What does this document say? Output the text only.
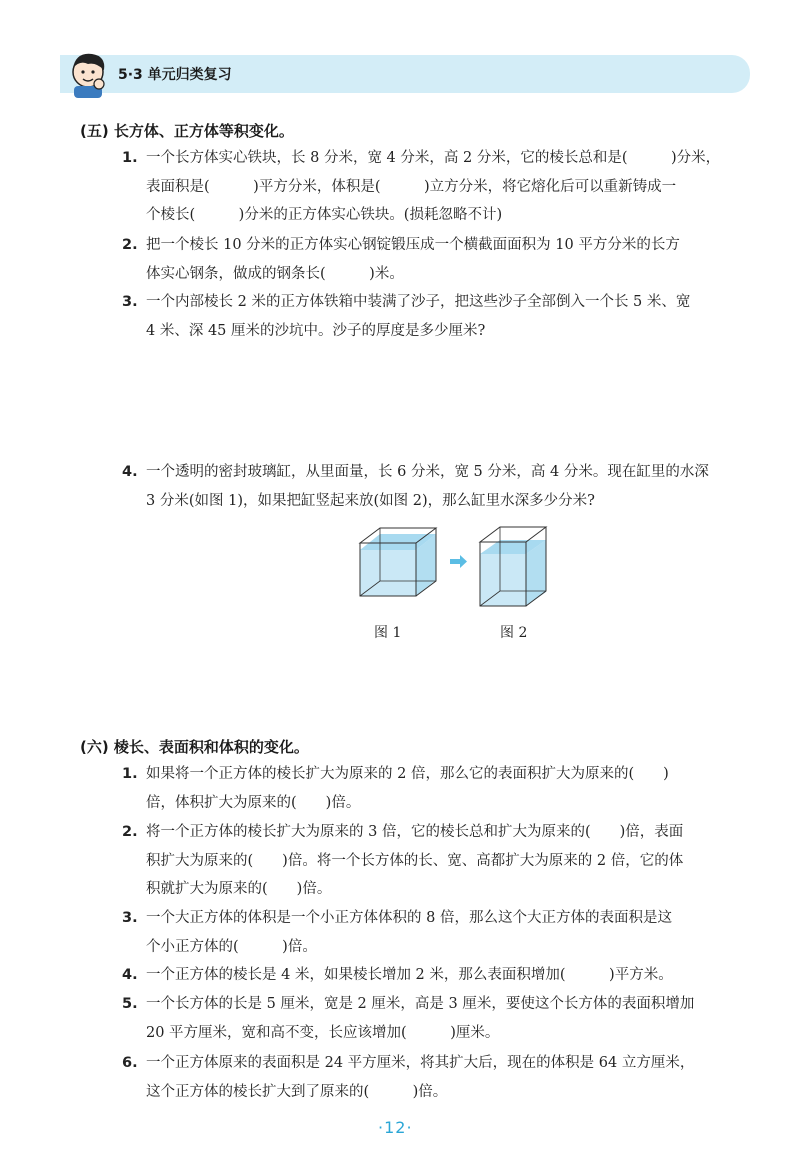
5·3 单元归类复习
(五) 长方体、正方体等积变化。
1. 一个长方体实心铁块，长 8 分米，宽 4 分米，高 2 分米，它的棱长总和是(　　　)分米，
表面积是(　　　)平方分米，体积是(　　　)立方分米，将它熔化后可以重新铸成一
个棱长(　　　)分米的正方体实心铁块。(损耗忽略不计)
2. 把一个棱长 10 分米的正方体实心钢锭锻压成一个横截面面积为 10 平方分米的长方
体实心钢条，做成的钢条长(　　　)米。
3. 一个内部棱长 2 米的正方体铁箱中装满了沙子，把这些沙子全部倒入一个长 5 米、宽
4 米、深 45 厘米的沙坑中。沙子的厚度是多少厘米?
4. 一个透明的密封玻璃缸，从里面量，长 6 分米，宽 5 分米，高 4 分米。现在缸里的水深
3 分米(如图 1)，如果把缸竖起来放(如图 2)，那么缸里水深多少分米?
图 1	图 2
(六) 棱长、表面积和体积的变化。
1. 如果将一个正方体的棱长扩大为原来的 2 倍，那么它的表面积扩大为原来的(　　)
倍，体积扩大为原来的(　　)倍。
2. 将一个正方体的棱长扩大为原来的 3 倍，它的棱长总和扩大为原来的(　　)倍，表面
积扩大为原来的(　　)倍。将一个长方体的长、宽、高都扩大为原来的 2 倍，它的体
积就扩大为原来的(　　)倍。
3. 一个大正方体的体积是一个小正方体体积的 8 倍，那么这个大正方体的表面积是这
个小正方体的(　　　)倍。
4. 一个正方体的棱长是 4 米，如果棱长增加 2 米，那么表面积增加(　　　)平方米。
5. 一个长方体的长是 5 厘米，宽是 2 厘米，高是 3 厘米，要使这个长方体的表面积增加
20 平方厘米，宽和高不变，长应该增加(　　　)厘米。
6. 一个正方体原来的表面积是 24 平方厘米，将其扩大后，现在的体积是 64 立方厘米，
这个正方体的棱长扩大到了原来的(　　　)倍。
·12·
